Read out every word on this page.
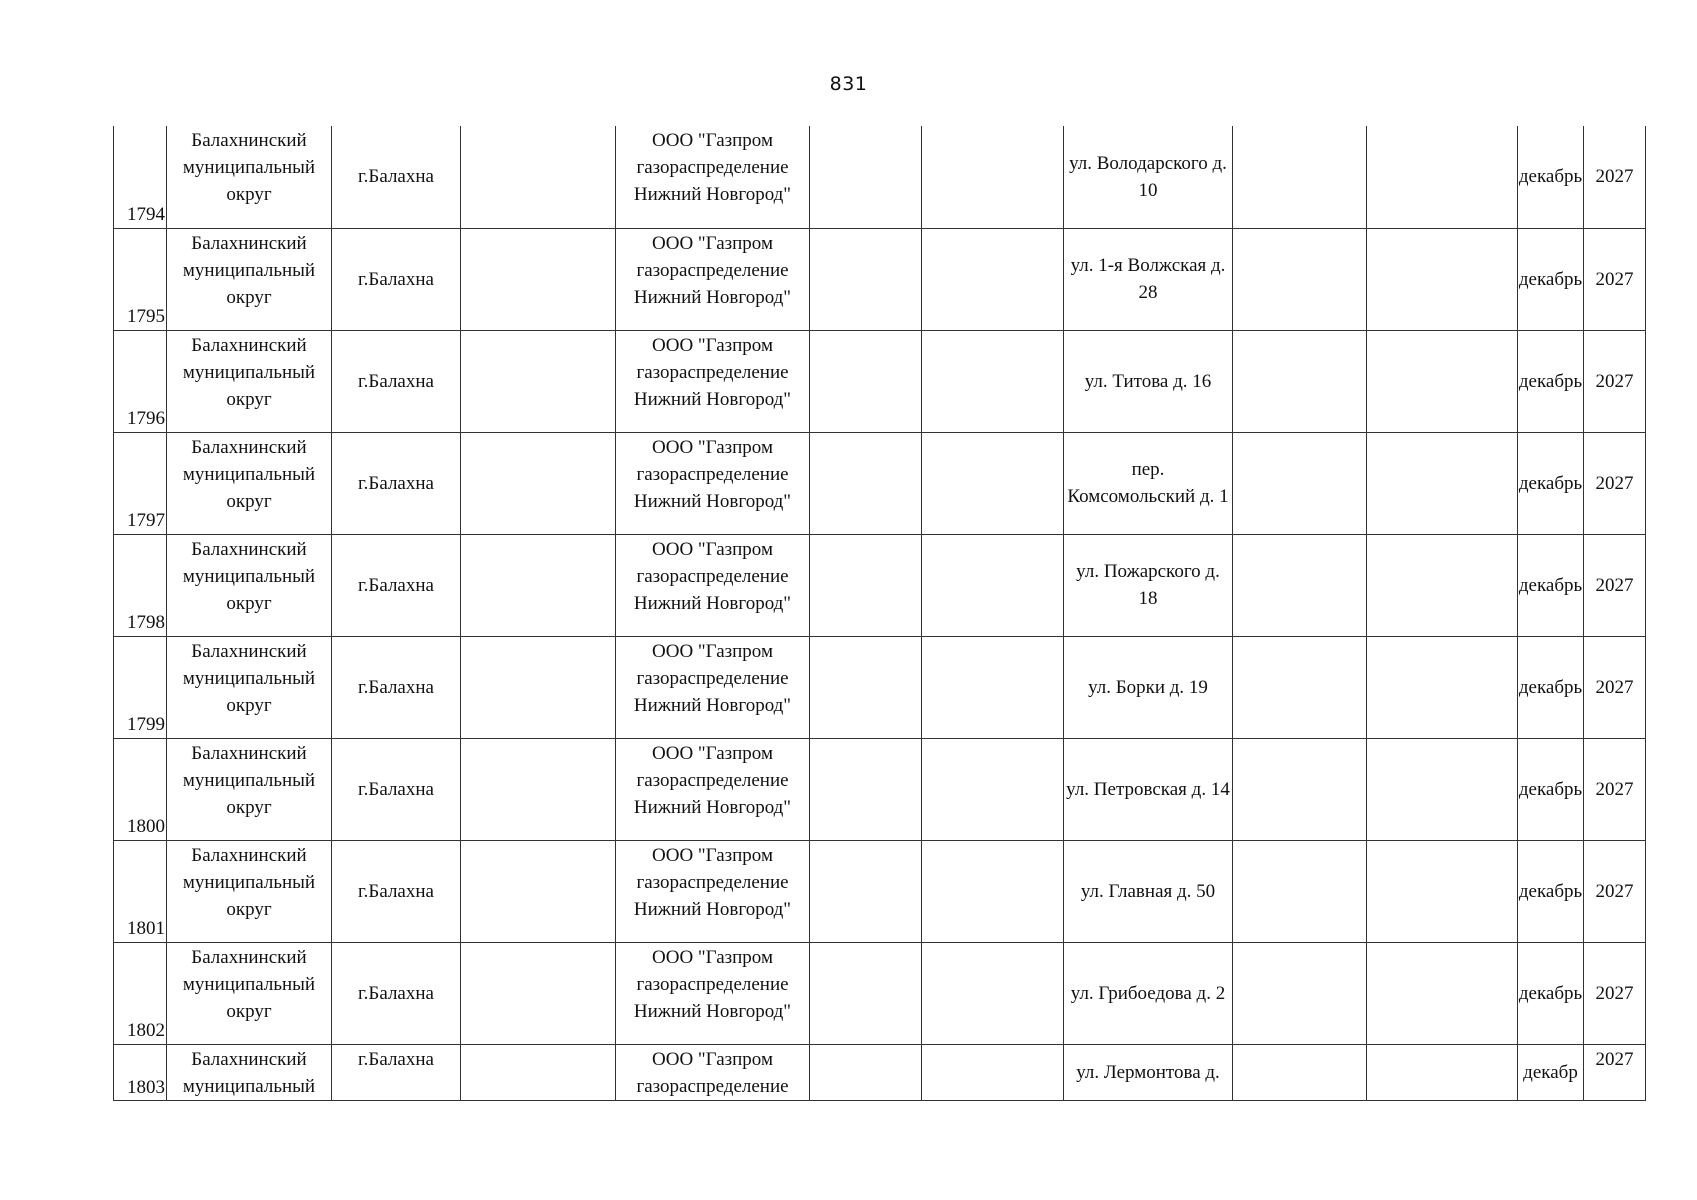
831
1794	Балахнинский муниципальный округ	г.Балахна		ООО "Газпром газораспределение Нижний Новгород"			ул. Володарского д. 10			декабрь	2027

1795	Балахнинский муниципальный округ	г.Балахна		ООО "Газпром газораспределение Нижний Новгород"			ул. 1-я Волжская д. 28			декабрь	2027

1796	Балахнинский муниципальный округ	г.Балахна		ООО "Газпром газораспределение Нижний Новгород"			ул. Титова д. 16			декабрь	2027

1797	Балахнинский муниципальный округ	г.Балахна		ООО "Газпром газораспределение Нижний Новгород"			пер. Комсомольский д. 1			декабрь	2027

1798	Балахнинский муниципальный округ	г.Балахна		ООО "Газпром газораспределение Нижний Новгород"			ул. Пожарского д. 18			декабрь	2027

1799	Балахнинский муниципальный округ	г.Балахна		ООО "Газпром газораспределение Нижний Новгород"			ул. Борки д. 19			декабрь	2027

1800	Балахнинский муниципальный округ	г.Балахна		ООО "Газпром газораспределение Нижний Новгород"			ул. Петровская д. 14			декабрь	2027

1801	Балахнинский муниципальный округ	г.Балахна		ООО "Газпром газораспределение Нижний Новгород"			ул. Главная д. 50			декабрь	2027

1802	Балахнинский муниципальный округ	г.Балахна		ООО "Газпром газораспределение Нижний Новгород"			ул. Грибоедова д. 2			декабрь	2027

1803	Балахнинский муниципальный	г.Балахна		ООО "Газпром газораспределение			ул. Лермонтова д.			декабр	2027
